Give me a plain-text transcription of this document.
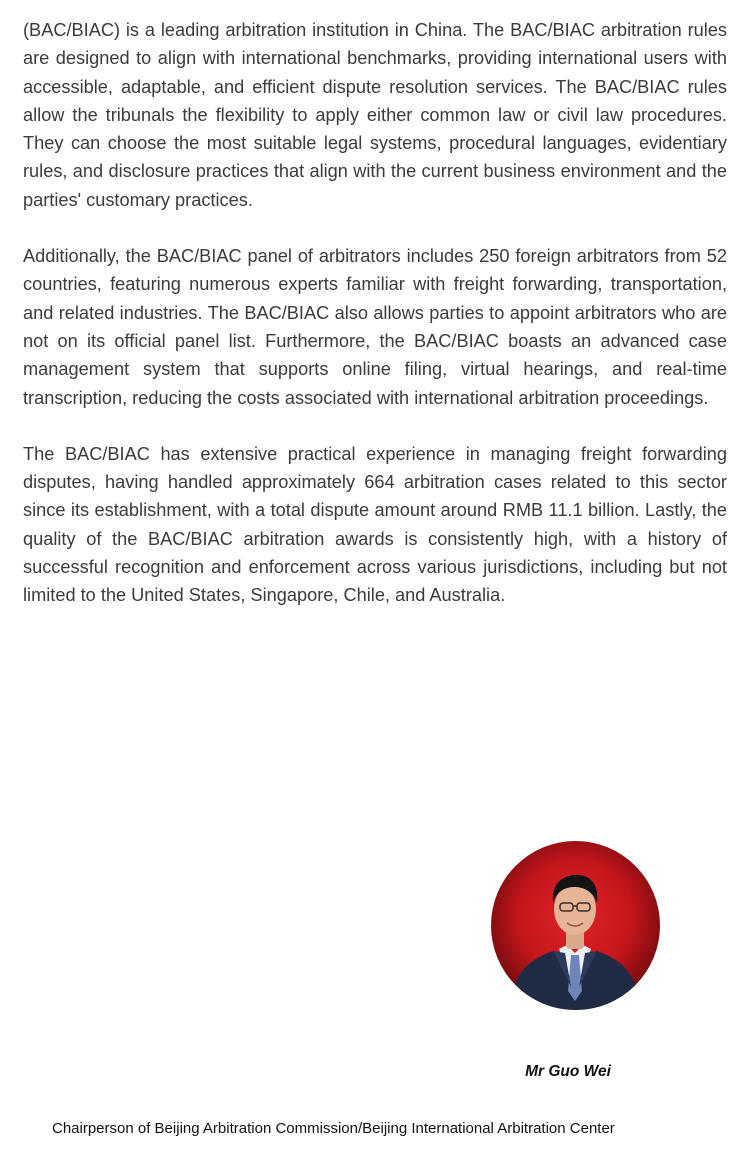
(BAC/BIAC) is a leading arbitration institution in China. The BAC/BIAC arbitration rules are designed to align with international benchmarks, providing international users with accessible, adaptable, and efficient dispute resolution services. The BAC/BIAC rules allow the tribunals the flexibility to apply either common law or civil law procedures. They can choose the most suitable legal systems, procedural languages, evidentiary rules, and disclosure practices that align with the current business environment and the parties' customary practices.

Additionally, the BAC/BIAC panel of arbitrators includes 250 foreign arbitrators from 52 countries, featuring numerous experts familiar with freight forwarding, transportation, and related industries. The BAC/BIAC also allows parties to appoint arbitrators who are not on its official panel list. Furthermore, the BAC/BIAC boasts an advanced case management system that supports online filing, virtual hearings, and real-time transcription, reducing the costs associated with international arbitration proceedings.

The BAC/BIAC has extensive practical experience in managing freight forwarding disputes, having handled approximately 664 arbitration cases related to this sector since its establishment, with a total dispute amount around RMB 11.1 billion. Lastly, the quality of the BAC/BIAC arbitration awards is consistently high, with a history of successful recognition and enforcement across various jurisdictions, including but not limited to the United States, Singapore, Chile, and Australia.

Mr Guo Wei
Chairperson of Beijing Arbitration Commission/Beijing International Arbitration Center
